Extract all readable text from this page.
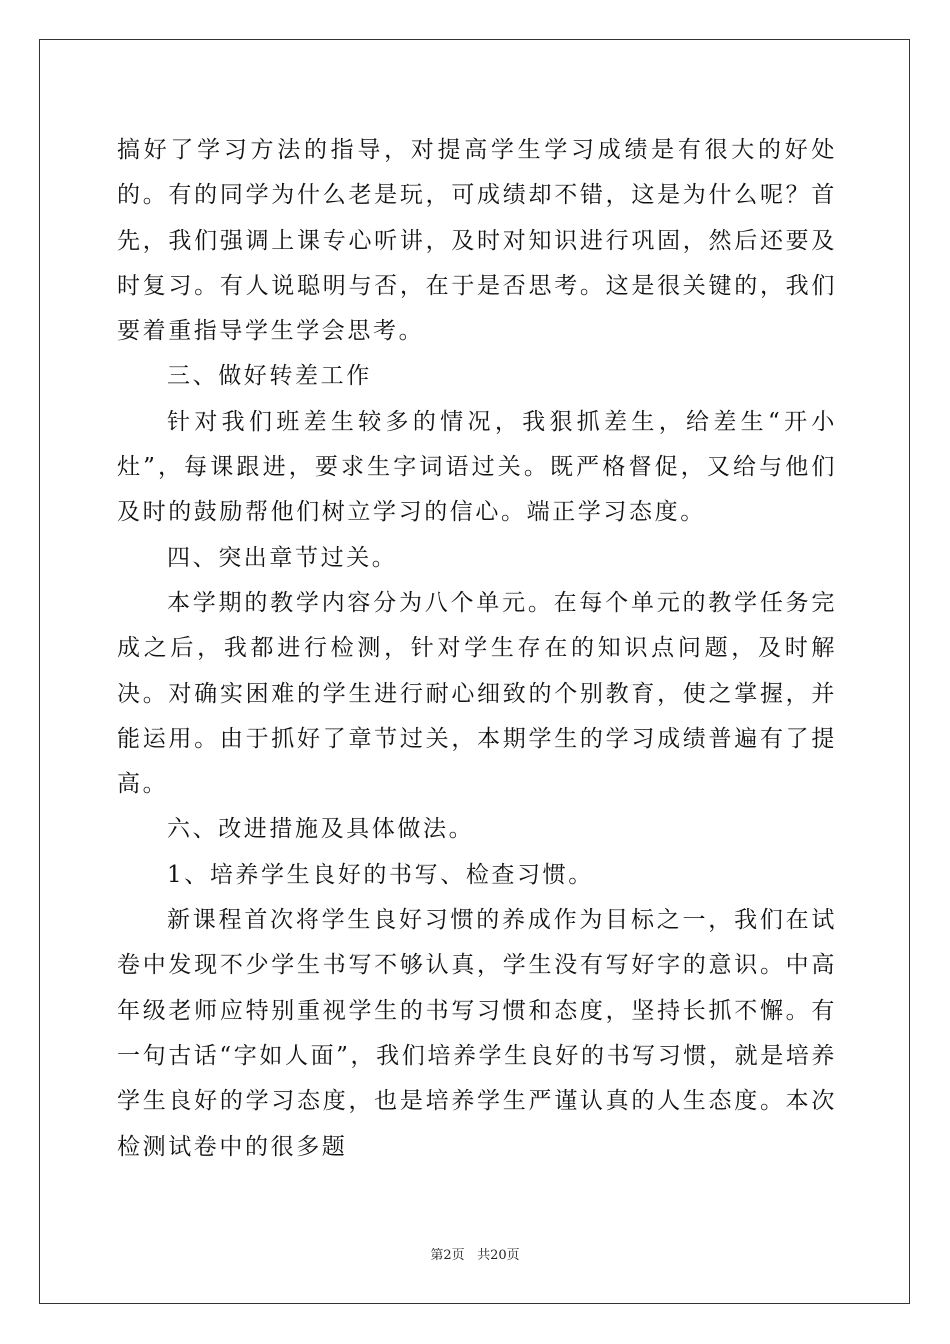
搞好了学习方法的指导，对提高学生学习成绩是有很大的好处的。有的同学为什么老是玩，可成绩却不错，这是为什么呢？首先，我们强调上课专心听讲，及时对知识进行巩固，然后还要及时复习。有人说聪明与否，在于是否思考。这是很关键的，我们要着重指导学生学会思考。

三、做好转差工作

针对我们班差生较多的情况，我狠抓差生，给差生“开小灶”，每课跟进，要求生字词语过关。既严格督促，又给与他们及时的鼓励帮他们树立学习的信心。端正学习态度。

四、突出章节过关。

本学期的教学内容分为八个单元。在每个单元的教学任务完成之后，我都进行检测，针对学生存在的知识点问题，及时解决。对确实困难的学生进行耐心细致的个别教育，使之掌握，并能运用。由于抓好了章节过关，本期学生的学习成绩普遍有了提高。

六、改进措施及具体做法。

1、培养学生良好的书写、检查习惯。

新课程首次将学生良好习惯的养成作为目标之一，我们在试卷中发现不少学生书写不够认真，学生没有写好字的意识。中高年级老师应特别重视学生的书写习惯和态度，坚持长抓不懈。有一句古话“字如人面”，我们培养学生良好的书写习惯，就是培养学生良好的学习态度，也是培养学生严谨认真的人生态度。本次检测试卷中的很多题

第2页 共20页
